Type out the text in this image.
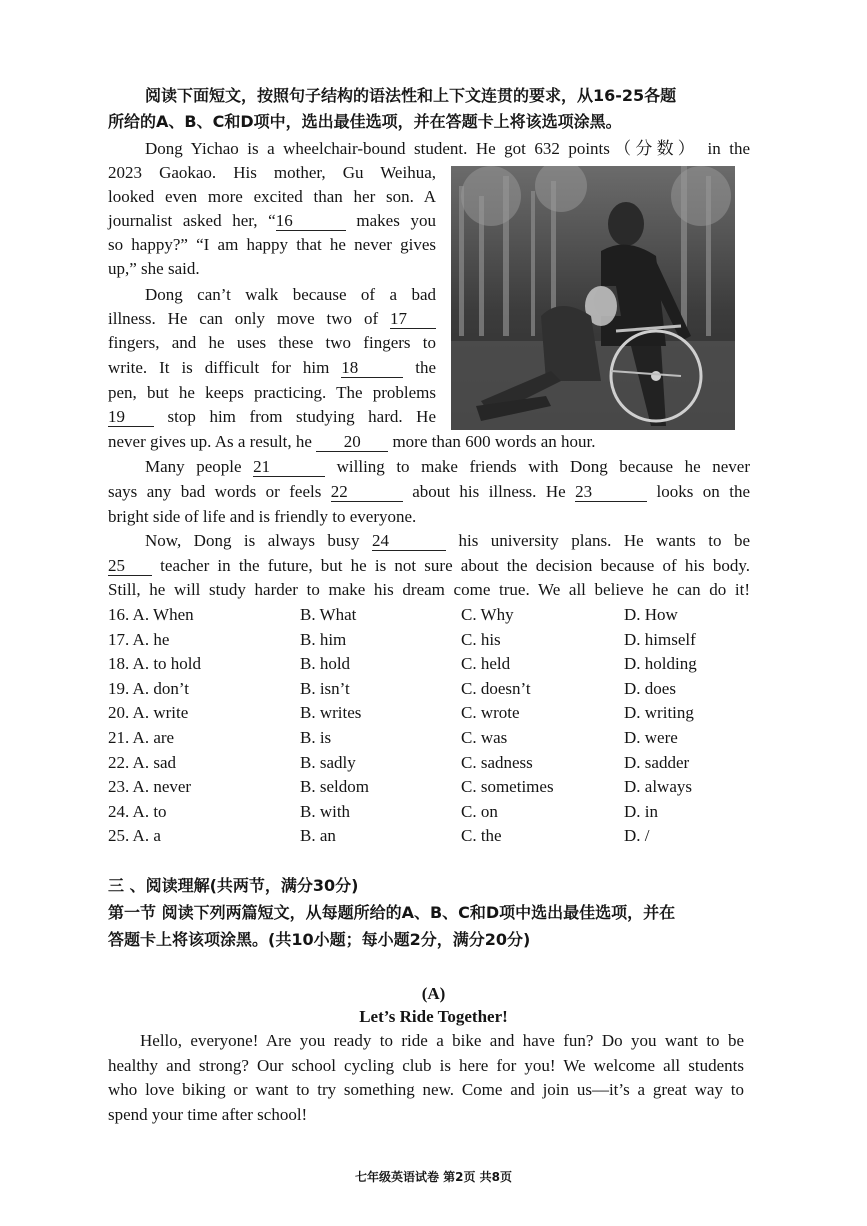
阅读下面短文，按照句子结构的语法性和上下文连贯的要求，从16-25各题
所给的A、B、C和D项中，选出最佳选项，并在答题卡上将该选项涂黑。
Dong Yichao is a wheelchair-bound student. He got 632 points（分数） in the
2023 Gaokao. His mother, Gu Weihua,
looked even more excited than her son. A
journalist asked her, “16	makes you
so happy?” “I am happy that he never gives
up,” she said.
Dong can’t walk because of a bad
illness. He can only move two of 17
fingers, and he uses these two fingers to
write. It is difficult for him 18	the
pen, but he keeps practicing. The problems
19 stop him from studying hard. He
never gives up. As a result, he 20 more than 600 words an hour.
Many people 21	willing to make friends with Dong because he never
says any bad words or feels 22	about his illness. He 23	looks on the
bright side of life and is friendly to everyone.
Now, Dong is always busy 24	his university plans. He wants to be
25 teacher in the future, but he is not sure about the decision because of his body.
Still, he will study harder to make his dream come true. We all believe he can do it!
16. A. When	B. What	C. Why	D. How
17. A. he	B. him	C. his	D. himself
18. A. to hold	B. hold	C. held	D. holding
19. A. don’t	B. isn’t	C. doesn’t	D. does
20. A. write	B. writes	C. wrote	D. writing
21. A. are	B. is	C. was	D. were
22. A. sad	B. sadly	C. sadness	D. sadder
23. A. never	B. seldom	C. sometimes	D. always
24. A. to	B. with	C. on	D. in
25. A. a	B. an	C. the	D. /
三 、阅读理解(共两节，满分30分)
第一节 阅读下列两篇短文，从每题所给的A、B、C和D项中选出最佳选项，并在
答题卡上将该项涂黑。(共10小题；每小题2分，满分20分)
(A)
Let’s Ride Together!
Hello, everyone! Are you ready to ride a bike and have fun? Do you want to be
healthy and strong? Our school cycling club is here for you! We welcome all students
who love biking or want to try something new. Come and join us—it’s a great way to
spend your time after school!
七年级英语试卷 第2页 共8页
